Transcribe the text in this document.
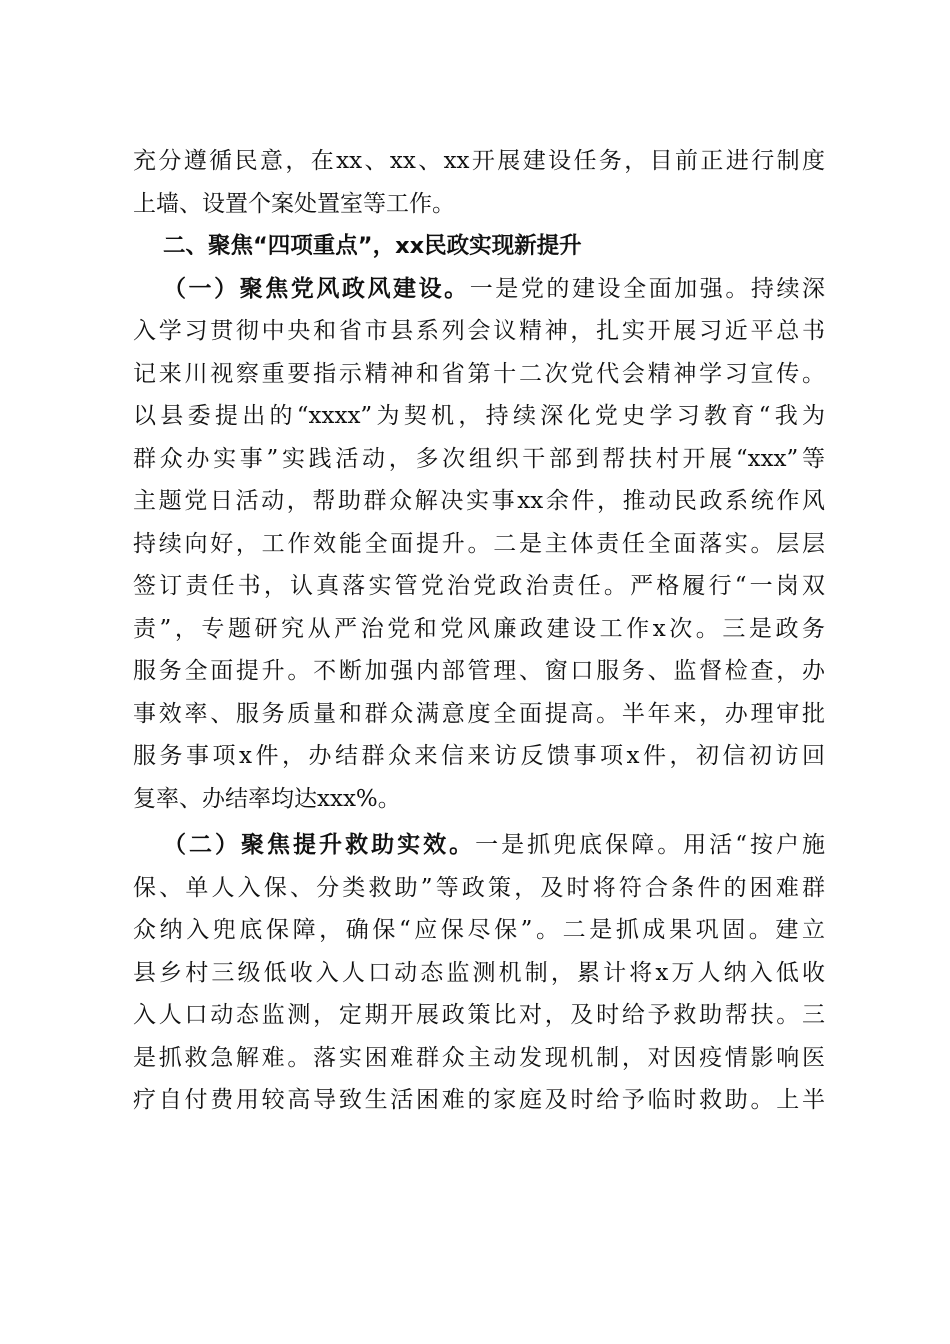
充分遵循民意，在xx、xx、xx开展建设任务，目前正进行制度
上墙、设置个案处置室等工作。
二、聚焦“四项重点”，xx民政实现新提升
（一）聚焦党风政风建设。一是党的建设全面加强。持续深
入学习贯彻中央和省市县系列会议精神，扎实开展习近平总书
记来川视察重要指示精神和省第十二次党代会精神学习宣传。
以县委提出的“xxxx”为契机，持续深化党史学习教育“我为
群众办实事”实践活动，多次组织干部到帮扶村开展“xxx”等
主题党日活动，帮助群众解决实事xx余件，推动民政系统作风
持续向好，工作效能全面提升。二是主体责任全面落实。层层
签订责任书，认真落实管党治党政治责任。严格履行“一岗双
责”，专题研究从严治党和党风廉政建设工作x次。三是政务
服务全面提升。不断加强内部管理、窗口服务、监督检查，办
事效率、服务质量和群众满意度全面提高。半年来，办理审批
服务事项x件，办结群众来信来访反馈事项x件，初信初访回
复率、办结率均达xxx%。
（二）聚焦提升救助实效。一是抓兜底保障。用活“按户施
保、单人入保、分类救助”等政策，及时将符合条件的困难群
众纳入兜底保障，确保“应保尽保”。二是抓成果巩固。建立
县乡村三级低收入人口动态监测机制，累计将x万人纳入低收
入人口动态监测，定期开展政策比对，及时给予救助帮扶。三
是抓救急解难。落实困难群众主动发现机制，对因疫情影响医
疗自付费用较高导致生活困难的家庭及时给予临时救助。上半
